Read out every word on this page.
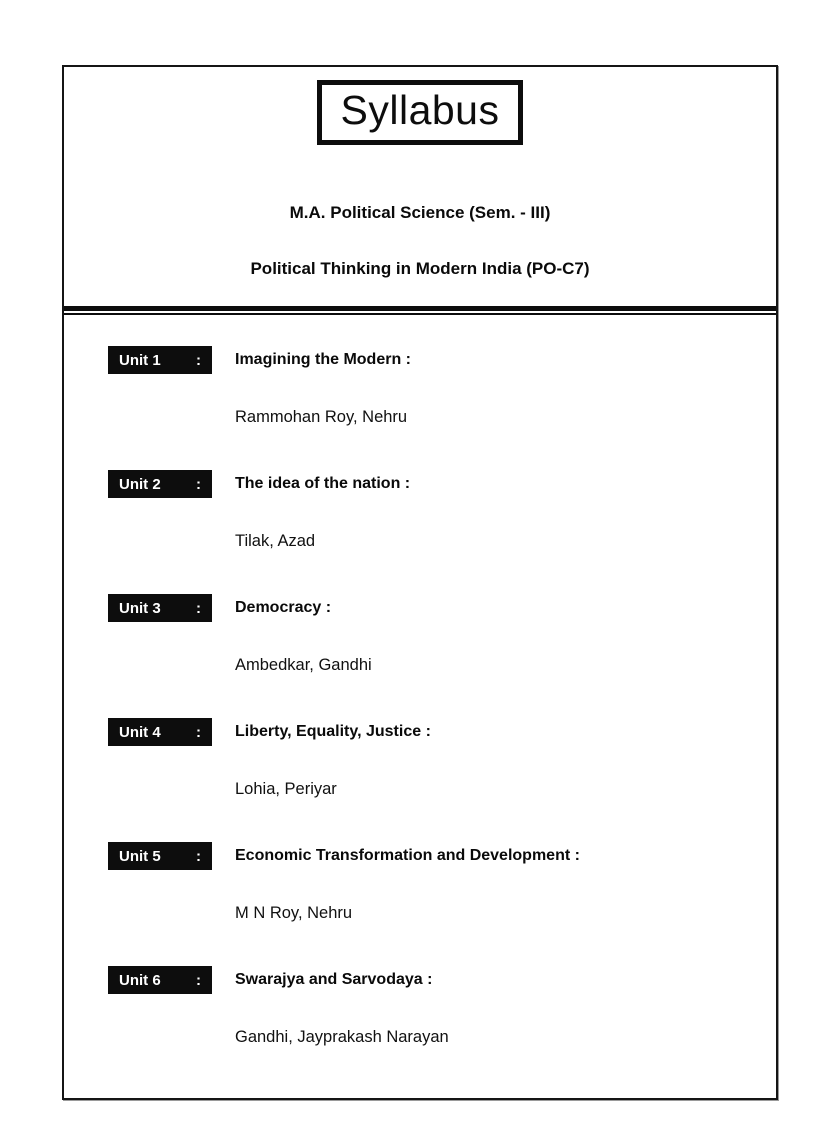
Syllabus
M.A. Political Science (Sem. - III)
Political Thinking in Modern India (PO-C7)
Unit 1 : Imagining the Modern :
Rammohan Roy, Nehru
Unit 2 : The idea of the nation :
Tilak, Azad
Unit 3 : Democracy :
Ambedkar, Gandhi
Unit 4 : Liberty, Equality, Justice :
Lohia, Periyar
Unit 5 : Economic Transformation and Development :
M N Roy, Nehru
Unit 6 : Swarajya and Sarvodaya :
Gandhi, Jayprakash Narayan
